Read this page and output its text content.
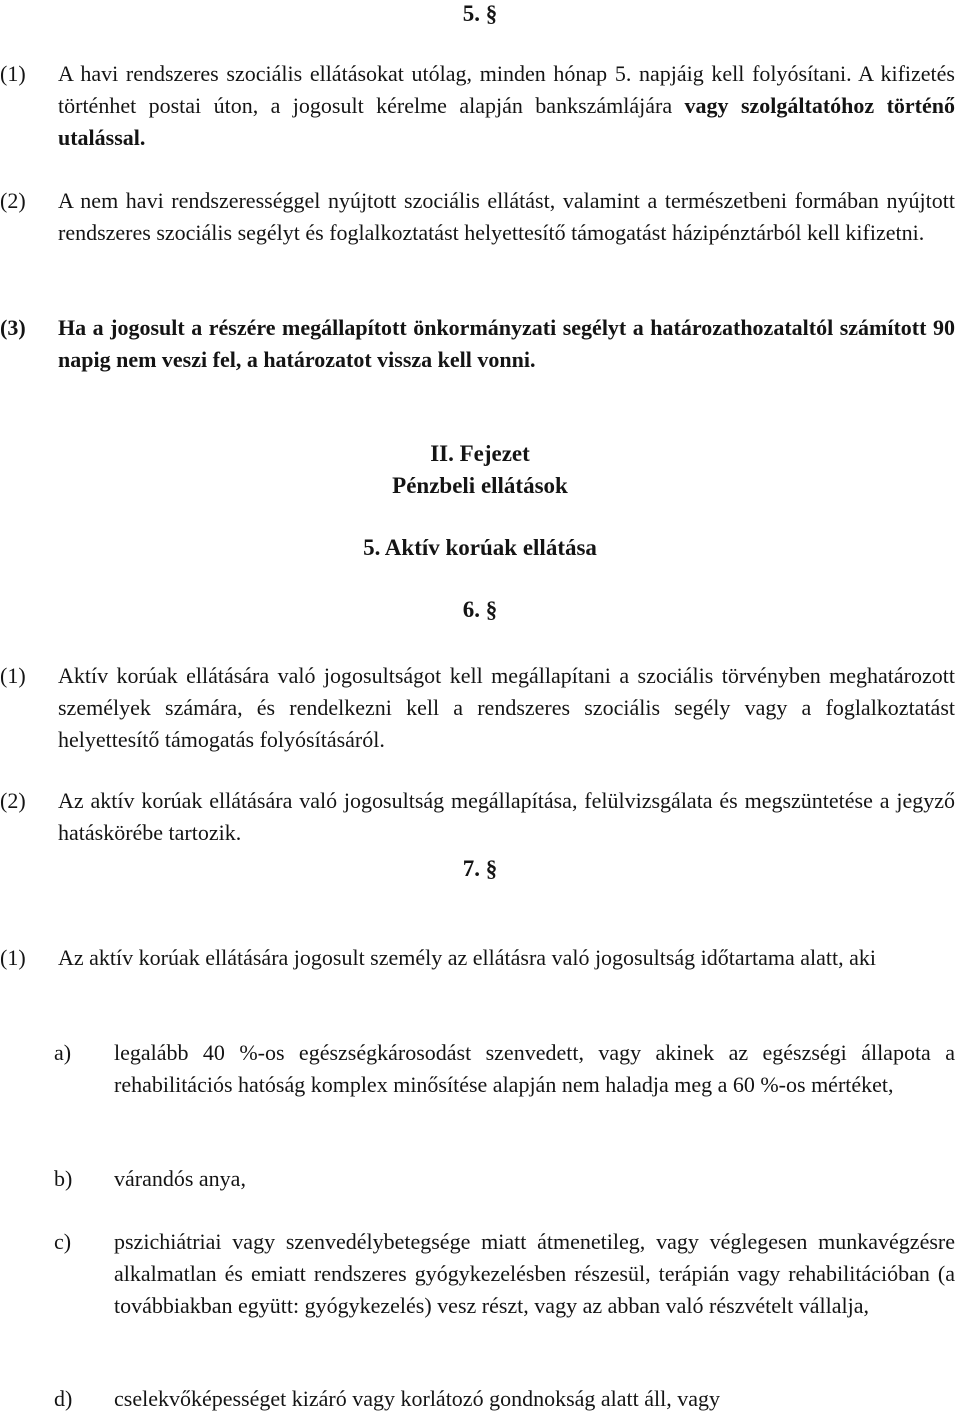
5. §
(1) A havi rendszeres szociális ellátásokat utólag, minden hónap 5. napjáig kell folyósítani. A kifizetés történhet postai úton, a jogosult kérelme alapján bankszámlájára vagy szolgáltatóhoz történő utalással.
(2) A nem havi rendszerességgel nyújtott szociális ellátást, valamint a természetbeni formában nyújtott rendszeres szociális segélyt és foglalkoztatást helyettesítő támogatást házipénztárból kell kifizetni.
(3) Ha a jogosult a részére megállapított önkormányzati segélyt a határozathozataltól számított 90 napig nem veszi fel, a határozatot vissza kell vonni.
II. Fejezet
Pénzbeli ellátások
5. Aktív korúak ellátása
6. §
(1) Aktív korúak ellátására való jogosultságot kell megállapítani a szociális törvényben meghatározott személyek számára, és rendelkezni kell a rendszeres szociális segély vagy a foglalkoztatást helyettesítő támogatás folyósításáról.
(2) Az aktív korúak ellátására való jogosultság megállapítása, felülvizsgálata és megszüntetése a jegyző hatáskörébe tartozik.
7. §
(1) Az aktív korúak ellátására jogosult személy az ellátásra való jogosultság időtartama alatt, aki
a) legalább 40 %-os egészségkárosodást szenvedett, vagy akinek az egészségi állapota a rehabilitációs hatóság komplex minősítése alapján nem haladja meg a 60 %-os mértéket,
b) várandós anya,
c) pszichiátriai vagy szenvedélybetegsége miatt átmenetileg, vagy véglegesen munkavégzésre alkalmatlan és emiatt rendszeres gyógykezelésben részesül, terápián vagy rehabilitációban (a továbbiakban együtt: gyógykezelés) vesz részt, vagy az abban való részvételt vállalja,
d) cselekvőképességet kizáró vagy korlátozó gondnokság alatt áll, vagy
